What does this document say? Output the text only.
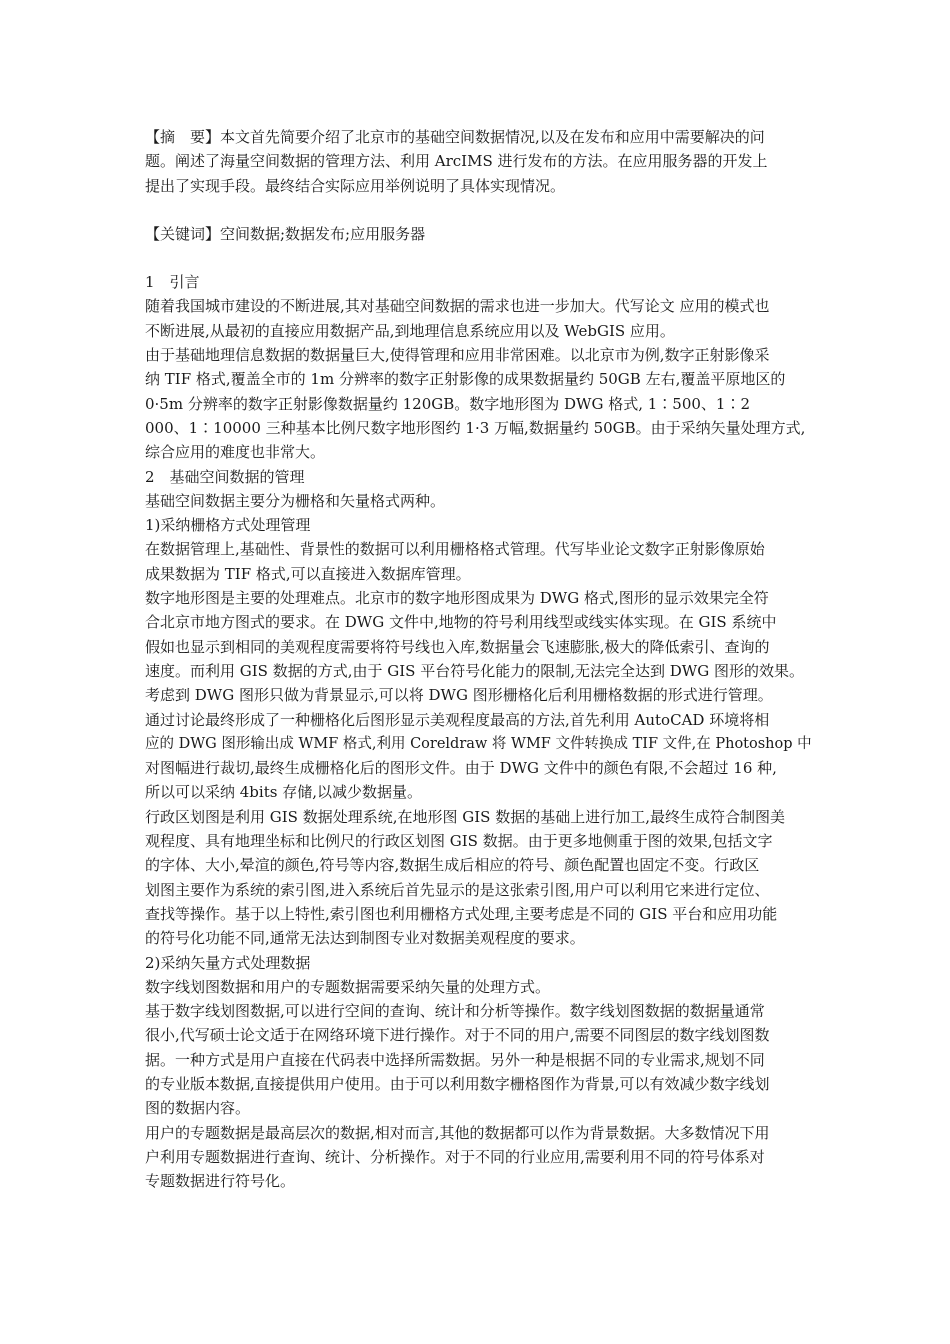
【摘　要】本文首先简要介绍了北京市的基础空间数据情况,以及在发布和应用中需要解决的问

题。阐述了海量空间数据的管理方法、利用 ArcIMS 进行发布的方法。在应用服务器的开发上

提出了实现手段。最终结合实际应用举例说明了具体实现情况。

【关键词】空间数据;数据发布;应用服务器

1　引言

随着我国城市建设的不断进展,其对基础空间数据的需求也进一步加大。代写论文 应用的模式也

不断进展,从最初的直接应用数据产品,到地理信息系统应用以及 WebGIS 应用。

由于基础地理信息数据的数据量巨大,使得管理和应用非常困难。以北京市为例,数字正射影像采

纳 TIF 格式,覆盖全市的 1m 分辨率的数字正射影像的成果数据量约 50GB 左右,覆盖平原地区的

0·5m 分辨率的数字正射影像数据量约 120GB。数字地形图为 DWG 格式, 1∶500、1∶2

000、1∶10000 三种基本比例尺数字地形图约 1·3 万幅,数据量约 50GB。由于采纳矢量处理方式,

综合应用的难度也非常大。

2　基础空间数据的管理

基础空间数据主要分为栅格和矢量格式两种。

1)采纳栅格方式处理管理

在数据管理上,基础性、背景性的数据可以利用栅格格式管理。代写毕业论文数字正射影像原始

成果数据为 TIF 格式,可以直接进入数据库管理。

数字地形图是主要的处理难点。北京市的数字地形图成果为 DWG 格式,图形的显示效果完全符

合北京市地方图式的要求。在 DWG 文件中,地物的符号利用线型或线实体实现。在 GIS 系统中

假如也显示到相同的美观程度需要将符号线也入库,数据量会飞速膨胀,极大的降低索引、查询的

速度。而利用 GIS 数据的方式,由于 GIS 平台符号化能力的限制,无法完全达到 DWG 图形的效果。

考虑到 DWG 图形只做为背景显示,可以将 DWG 图形栅格化后利用栅格数据的形式进行管理。

通过讨论最终形成了一种栅格化后图形显示美观程度最高的方法,首先利用 AutoCAD 环境将相

应的 DWG 图形输出成 WMF 格式,利用 Coreldraw 将 WMF 文件转换成 TIF 文件,在 Photoshop 中

对图幅进行裁切,最终生成栅格化后的图形文件。由于 DWG 文件中的颜色有限,不会超过 16 种,

所以可以采纳 4bits 存储,以减少数据量。

行政区划图是利用 GIS 数据处理系统,在地形图 GIS 数据的基础上进行加工,最终生成符合制图美

观程度、具有地理坐标和比例尺的行政区划图 GIS 数据。由于更多地侧重于图的效果,包括文字

的字体、大小,晕渲的颜色,符号等内容,数据生成后相应的符号、颜色配置也固定不变。行政区

划图主要作为系统的索引图,进入系统后首先显示的是这张索引图,用户可以利用它来进行定位、

查找等操作。基于以上特性,索引图也利用栅格方式处理,主要考虑是不同的 GIS 平台和应用功能

的符号化功能不同,通常无法达到制图专业对数据美观程度的要求。

2)采纳矢量方式处理数据

数字线划图数据和用户的专题数据需要采纳矢量的处理方式。

基于数字线划图数据,可以进行空间的查询、统计和分析等操作。数字线划图数据的数据量通常

很小,代写硕士论文适于在网络环境下进行操作。对于不同的用户,需要不同图层的数字线划图数

据。一种方式是用户直接在代码表中选择所需数据。另外一种是根据不同的专业需求,规划不同

的专业版本数据,直接提供用户使用。由于可以利用数字栅格图作为背景,可以有效减少数字线划

图的数据内容。

用户的专题数据是最高层次的数据,相对而言,其他的数据都可以作为背景数据。大多数情况下用

户利用专题数据进行查询、统计、分析操作。对于不同的行业应用,需要利用不同的符号体系对

专题数据进行符号化。
